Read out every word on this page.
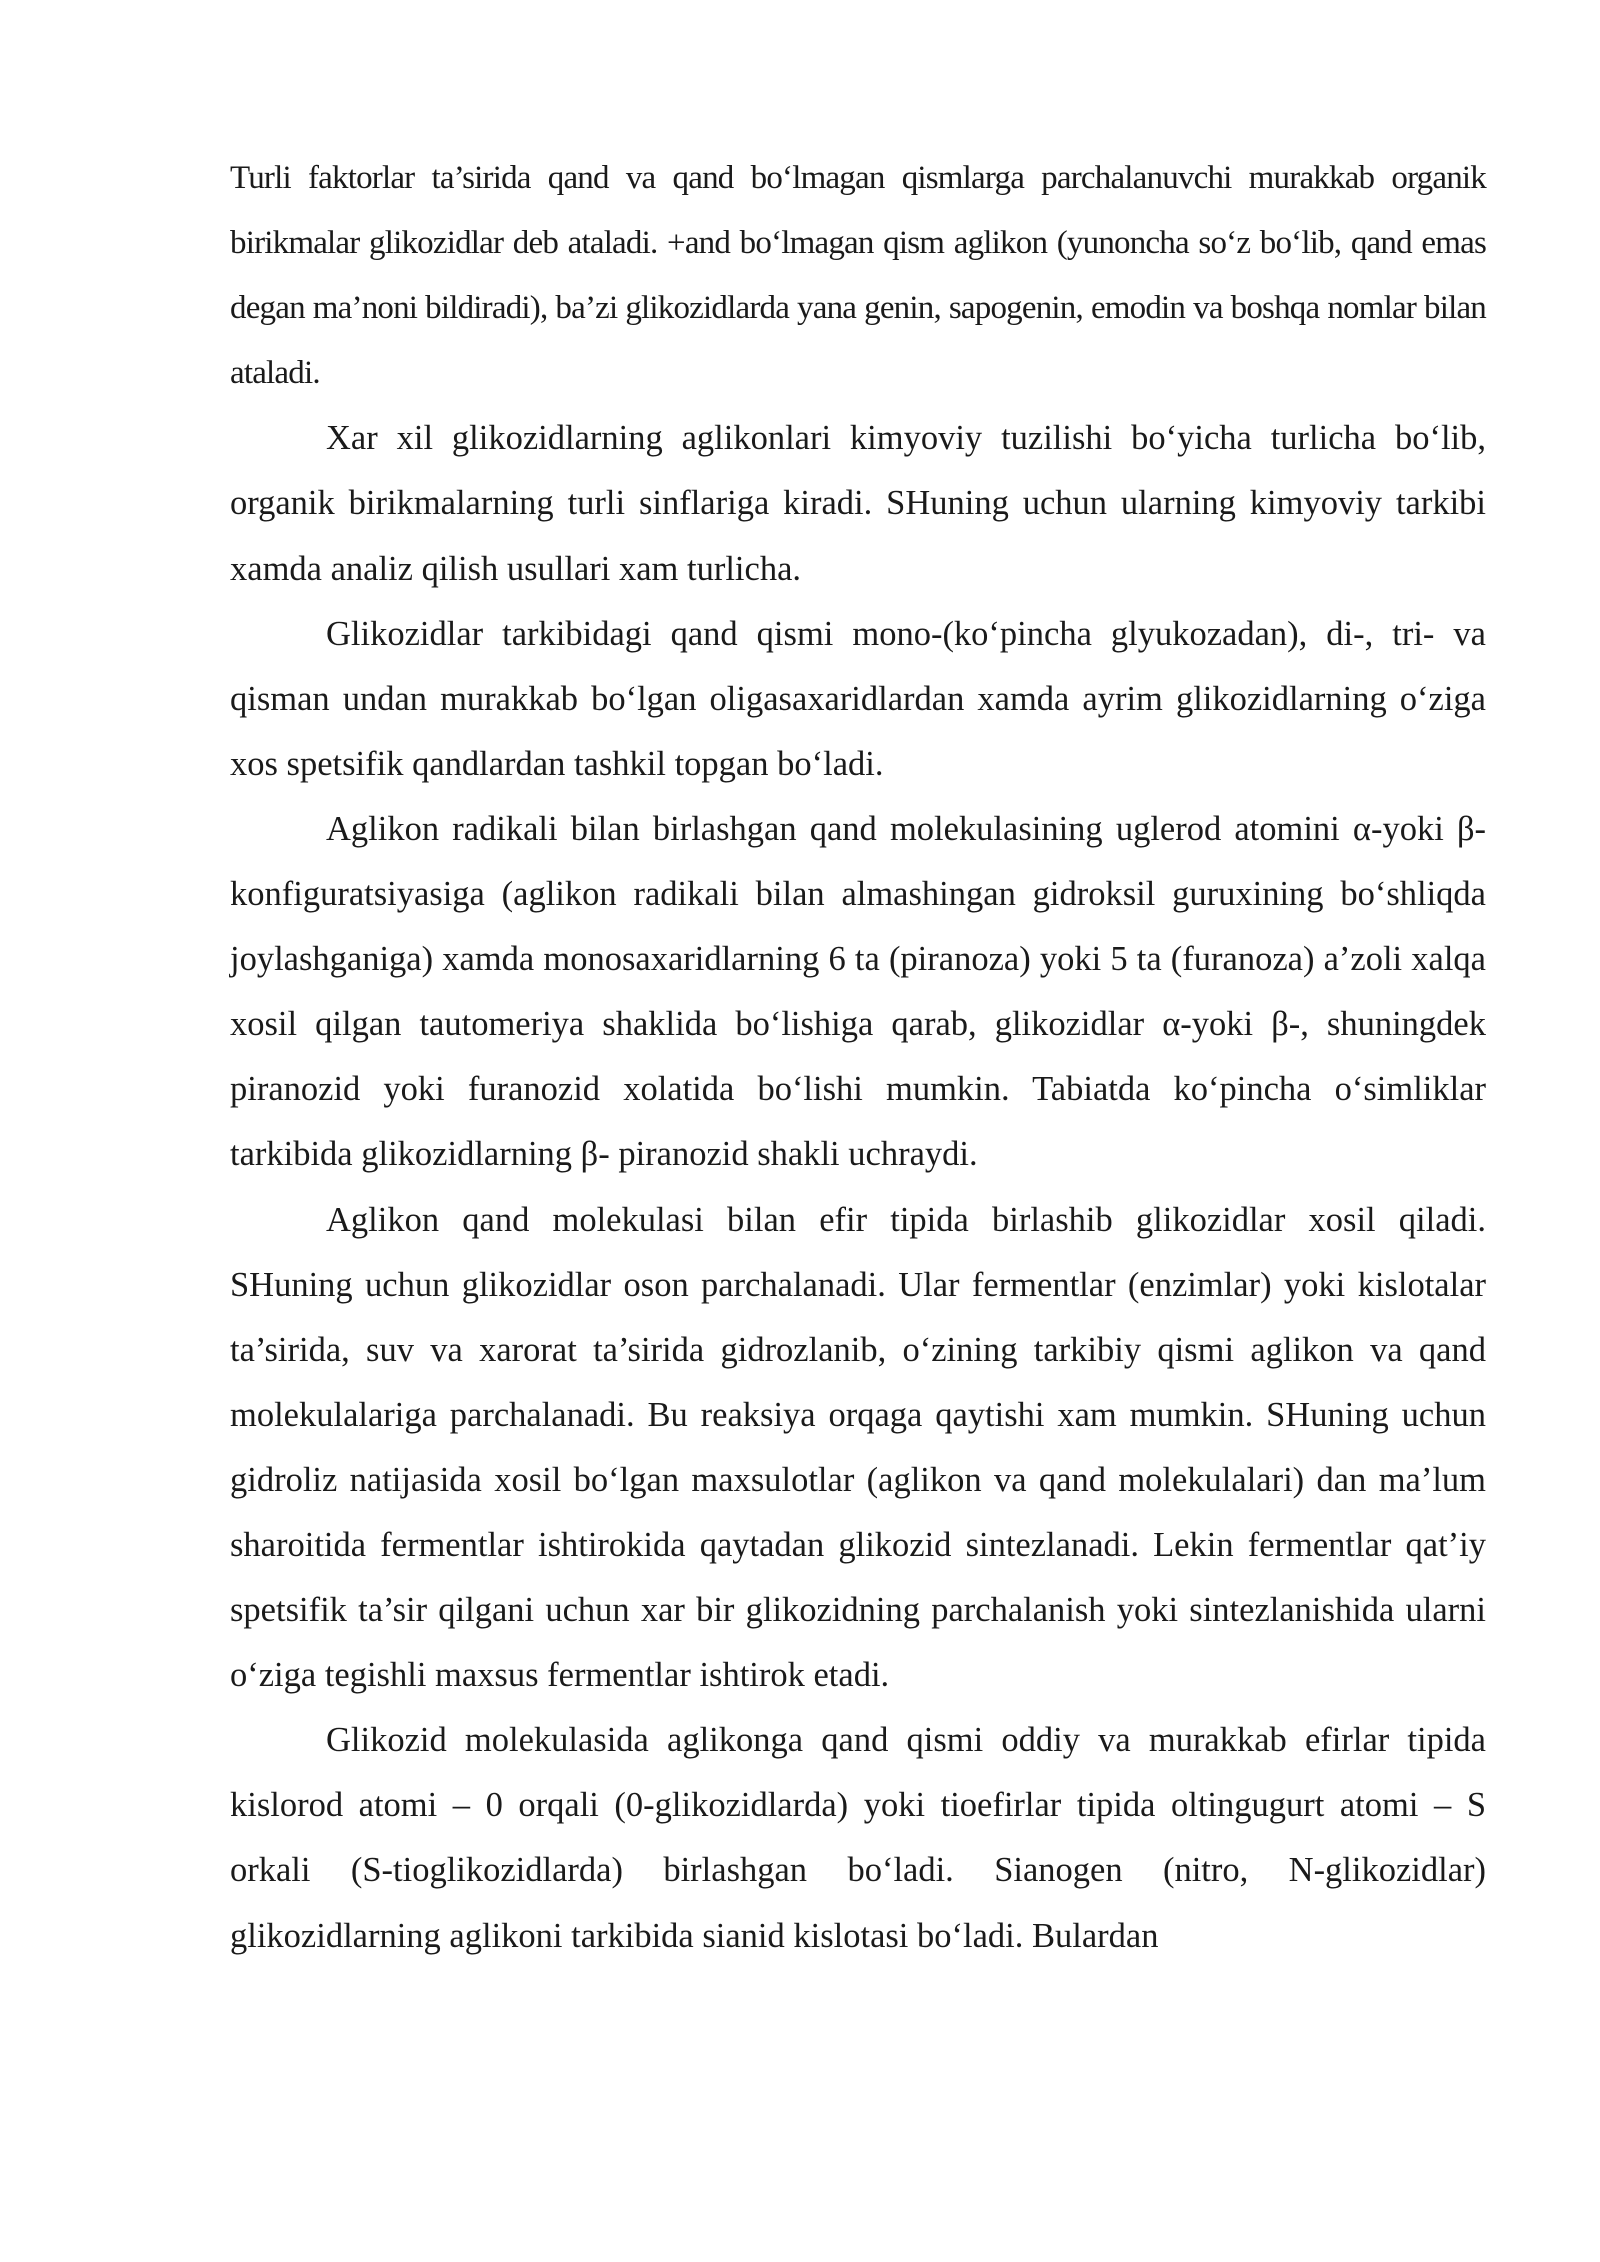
Turli faktorlar ta’sirida qand va qand bo‘lmagan qismlarga parchalanuvchi murakkab organik birikmalar glikozidlar deb ataladi. +and bo‘lmagan qism aglikon (yunoncha so‘z bo‘lib, qand emas degan ma’noni bildiradi), ba’zi glikozidlarda yana genin, sapogenin, emodin va boshqa nomlar bilan ataladi.

Xar xil glikozidlarning aglikonlari kimyoviy tuzilishi bo‘yicha turlicha bo‘lib, organik birikmalarning turli sinflariga kiradi. SHuning uchun ularning kimyoviy tarkibi xamda analiz qilish usullari xam turlicha.

Glikozidlar tarkibidagi qand qismi mono-(ko‘pincha glyukozadan), di-, tri- va qisman undan murakkab bo‘lgan oligasaxaridlardan xamda ayrim glikozidlarning o‘ziga xos spetsifik qandlardan tashkil topgan bo‘ladi.

Aglikon radikali bilan birlashgan qand molekulasining uglerod atomini α-yoki β-konfiguratsiyasiga (aglikon radikali bilan almashingan gidroksil guruxining bo‘shliqda joylashganiga) xamda monosaxaridlarning 6 ta (piranoza) yoki 5 ta (furanoza) a’zoli xalqa xosil qilgan tautomeriya shaklida bo‘lishiga qarab, glikozidlar α-yoki β-, shuningdek piranozid yoki furanozid xolatida bo‘lishi mumkin. Tabiatda ko‘pincha o‘simliklar tarkibida glikozidlarning β- piranozid shakli uchraydi.

Aglikon qand molekulasi bilan efir tipida birlashib glikozidlar xosil qiladi. SHuning uchun glikozidlar oson parchalanadi. Ular fermentlar (enzimlar) yoki kislotalar ta’sirida, suv va xarorat ta’sirida gidrozlanib, o‘zining tarkibiy qismi aglikon va qand molekulalariga parchalanadi. Bu reaksiya orqaga qaytishi xam mumkin. SHuning uchun gidroliz natijasida xosil bo‘lgan maxsulotlar (aglikon va qand molekulalari) dan ma’lum sharoitida fermentlar ishtirokida qaytadan glikozid sintezlanadi. Lekin fermentlar qat’iy spetsifik ta’sir qilgani uchun xar bir glikozidning parchalanish yoki sintezlanishida ularni o‘ziga tegishli maxsus fermentlar ishtirok etadi.

Glikozid molekulasida aglikonga qand qismi oddiy va murakkab efirlar tipida kislorod atomi – 0 orqali (0-glikozidlarda) yoki tioefirlar tipida oltingugurt atomi – S orkali (S-tioglikozidlarda) birlashgan bo‘ladi. Sianogen (nitro, N-glikozidlar) glikozidlarning aglikoni tarkibida sianid kislotasi bo‘ladi. Bulardan
